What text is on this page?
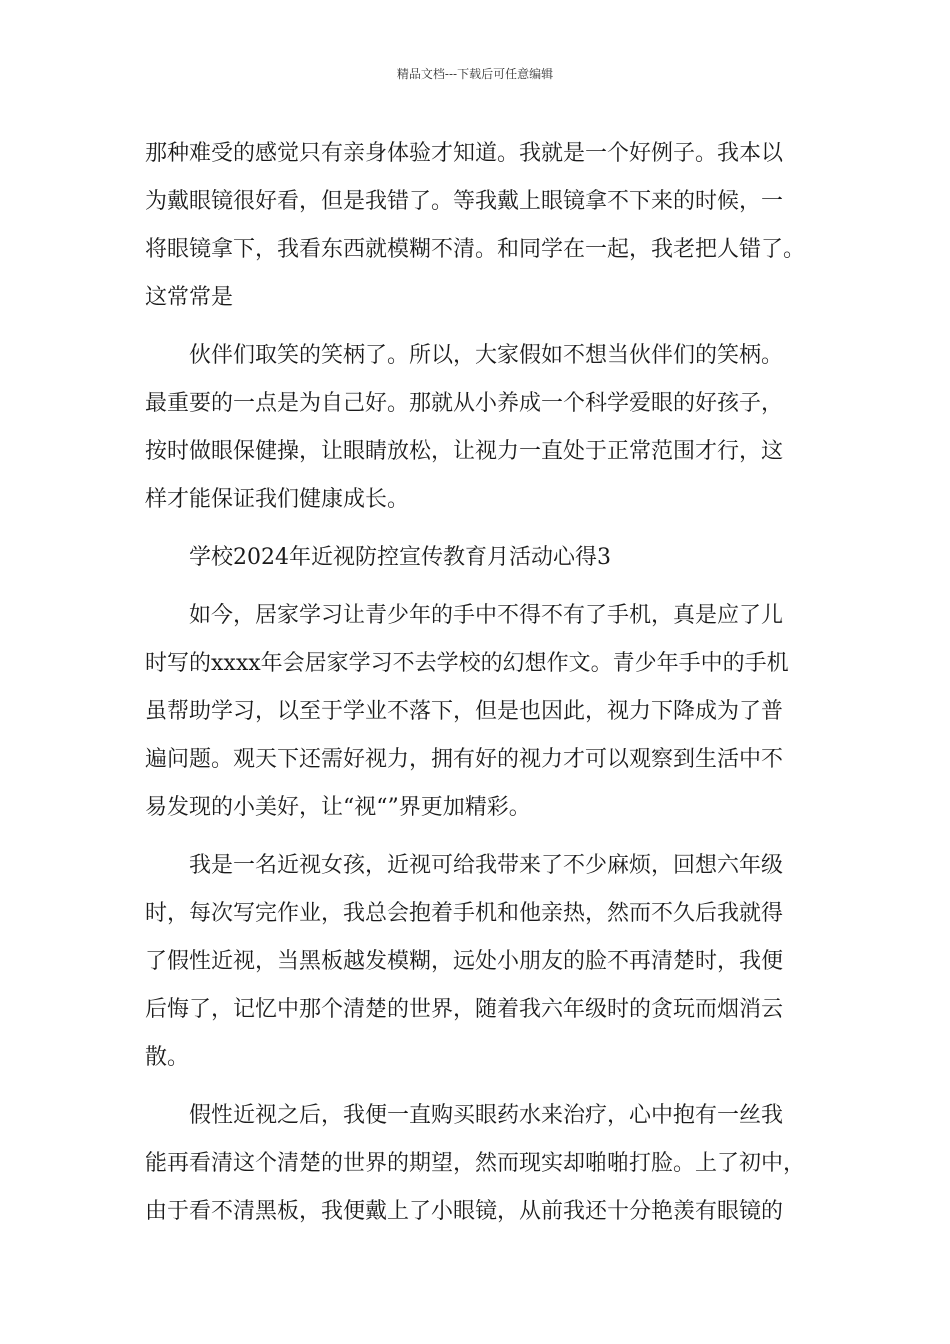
精品文档---下载后可任意编辑
那种难受的感觉只有亲身体验才知道。我就是一个好例子。我本以
为戴眼镜很好看，但是我错了。等我戴上眼镜拿不下来的时候，一
将眼镜拿下，我看东西就模糊不清。和同学在一起，我老把人错了。
这常常是
伙伴们取笑的笑柄了。所以，大家假如不想当伙伴们的笑柄。
最重要的一点是为自己好。那就从小养成一个科学爱眼的好孩子，
按时做眼保健操，让眼睛放松，让视力一直处于正常范围才行，这
样才能保证我们健康成长。
学校2024年近视防控宣传教育月活动心得3
如今，居家学习让青少年的手中不得不有了手机，真是应了儿
时写的xxxx年会居家学习不去学校的幻想作文。青少年手中的手机
虽帮助学习，以至于学业不落下，但是也因此，视力下降成为了普
遍问题。观天下还需好视力，拥有好的视力才可以观察到生活中不
易发现的小美好，让“视“”界更加精彩。
我是一名近视女孩，近视可给我带来了不少麻烦，回想六年级
时，每次写完作业，我总会抱着手机和他亲热，然而不久后我就得
了假性近视，当黑板越发模糊，远处小朋友的脸不再清楚时，我便
后悔了，记忆中那个清楚的世界，随着我六年级时的贪玩而烟消云
散。
假性近视之后，我便一直购买眼药水来治疗，心中抱有一丝我
能再看清这个清楚的世界的期望，然而现实却啪啪打脸。上了初中，
由于看不清黑板，我便戴上了小眼镜，从前我还十分艳羡有眼镜的
